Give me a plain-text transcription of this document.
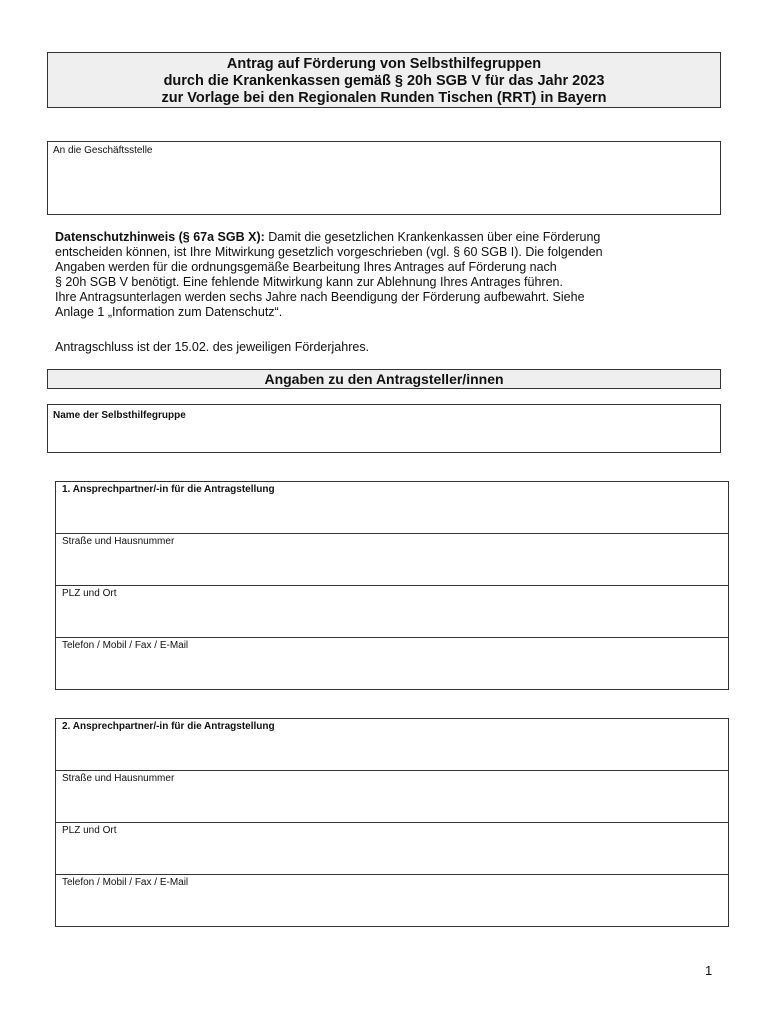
Antrag auf Förderung von Selbsthilfegruppen
durch die Krankenkassen gemäß § 20h SGB V für das Jahr 2023
zur Vorlage bei den Regionalen Runden Tischen (RRT) in Bayern
An die Geschäftsstelle
Datenschutzhinweis (§ 67a SGB X): Damit die gesetzlichen Krankenkassen über eine Förderung
entscheiden können, ist Ihre Mitwirkung gesetzlich vorgeschrieben (vgl. § 60 SGB I). Die folgenden
Angaben werden für die ordnungsgemäße Bearbeitung Ihres Antrages auf Förderung nach
§ 20h SGB V benötigt. Eine fehlende Mitwirkung kann zur Ablehnung Ihres Antrages führen.
Ihre Antragsunterlagen werden sechs Jahre nach Beendigung der Förderung aufbewahrt. Siehe
Anlage 1 „Information zum Datenschutz“.
Antragschluss ist der 15.02. des jeweiligen Förderjahres.
Angaben zu den Antragsteller/innen
Name der Selbsthilfegruppe
1. Ansprechpartner/-in für die Antragstellung
Straße und Hausnummer
PLZ und Ort
Telefon / Mobil / Fax / E-Mail
2. Ansprechpartner/-in für die Antragstellung
Straße und Hausnummer
PLZ und Ort
Telefon / Mobil / Fax / E-Mail
1
